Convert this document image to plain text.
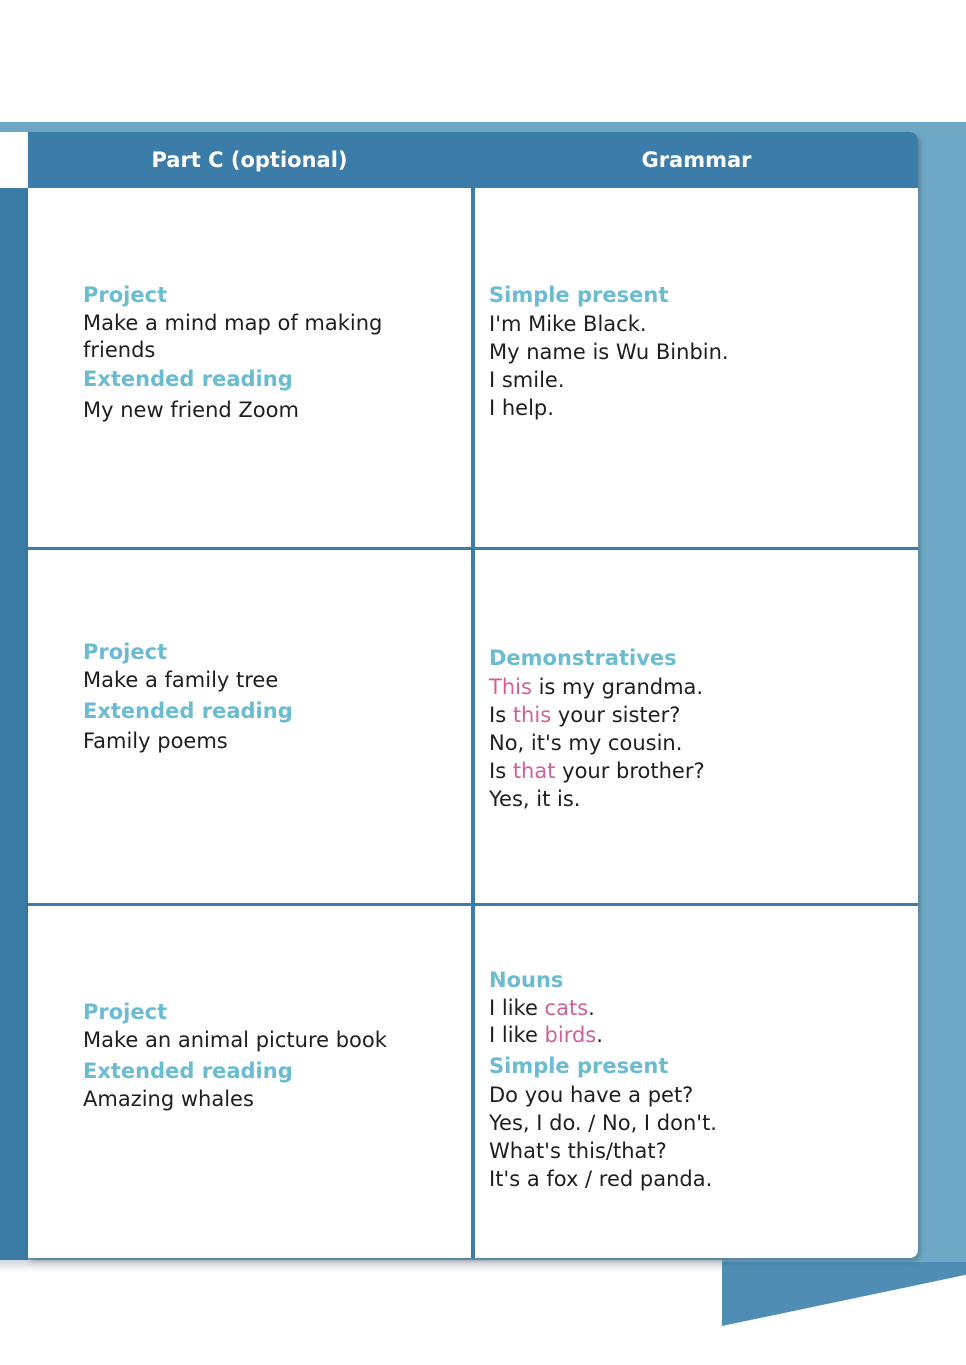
Part C (optional)	Grammar
Project
Make a mind map of making friends
Extended reading
My new friend Zoom
Simple present
I'm Mike Black.
My name is Wu Binbin.
I smile.
I help.
Project
Make a family tree
Extended reading
Family poems
Demonstratives
This is my grandma.
Is this your sister?
No, it's my cousin.
Is that your brother?
Yes, it is.
Project
Make an animal picture book
Extended reading
Amazing whales
Nouns
I like cats.
I like birds.
Simple present
Do you have a pet?
Yes, I do. / No, I don't.
What's this/that?
It's a fox / red panda.
